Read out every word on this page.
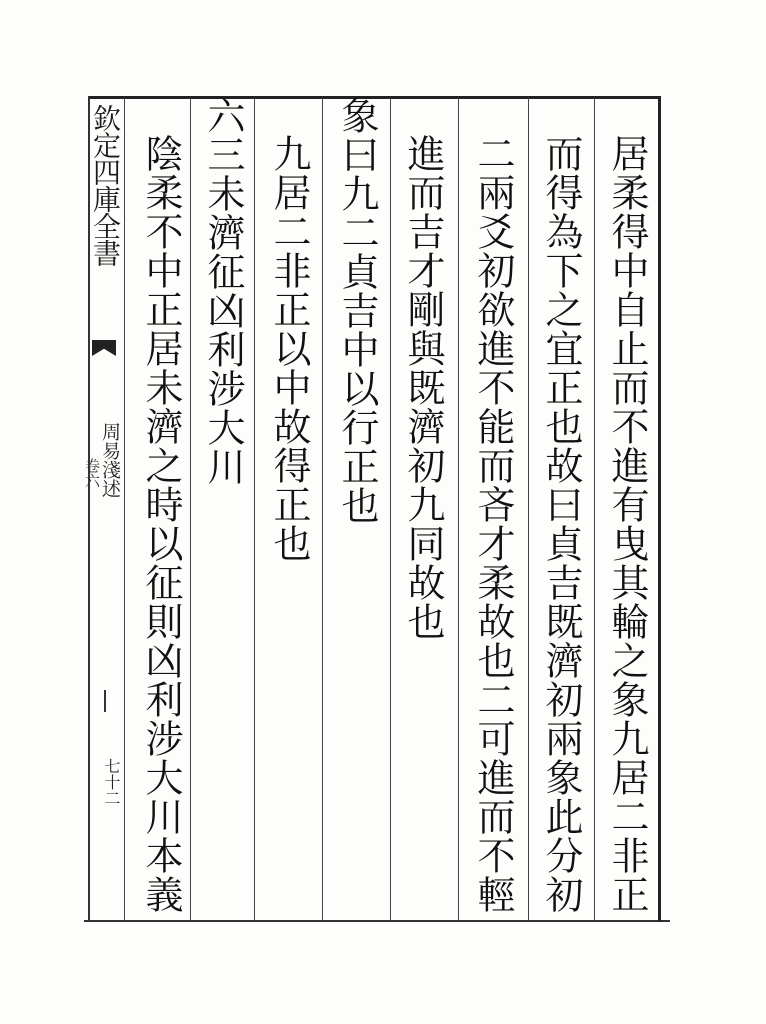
居柔得中自止而不進有曳其輪之象九居二非正
而得為下之宜正也故曰貞吉既濟初兩象此分初
二兩爻初欲進不能而吝才柔故也二可進而不輕
進而吉才剛與既濟初九同故也
象曰九二貞吉中以行正也
九居二非正以中故得正也
六三未濟征凶利涉大川
陰柔不中正居未濟之時以征則凶利涉大川本義
欽定四庫全書
周易淺述
卷六
七十二
